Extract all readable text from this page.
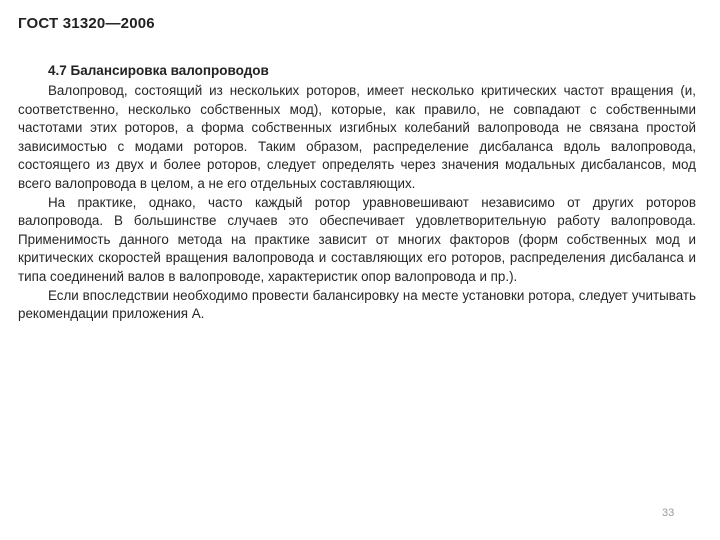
ГОСТ 31320—2006
4.7 Балансировка валопроводов

Валопровод, состоящий из нескольких роторов, имеет несколько критических частот вращения (и, соответственно, несколько собственных мод), которые, как правило, не совпадают с собственными частотами этих роторов, а форма собственных изгибных колебаний валопровода не связана простой зависимостью с модами роторов. Таким образом, распределение дисбаланса вдоль валопровода, состоящего из двух и более роторов, следует определять через значения модальных дисбалансов, мод всего валопровода в целом, а не его отдельных составляющих.

На практике, однако, часто каждый ротор уравновешивают независимо от других роторов валопровода. В большинстве случаев это обеспечивает удовлетворительную работу валопровода. Применимость данного метода на практике зависит от многих факторов (форм собственных мод и критических скоростей вращения валопровода и составляющих его роторов, распределения дисбаланса и типа соединений валов в валопроводе, характеристик опор валопровода и пр.).

Если впоследствии необходимо провести балансировку на месте установки ротора, следует учитывать рекомендации приложения А.

33
